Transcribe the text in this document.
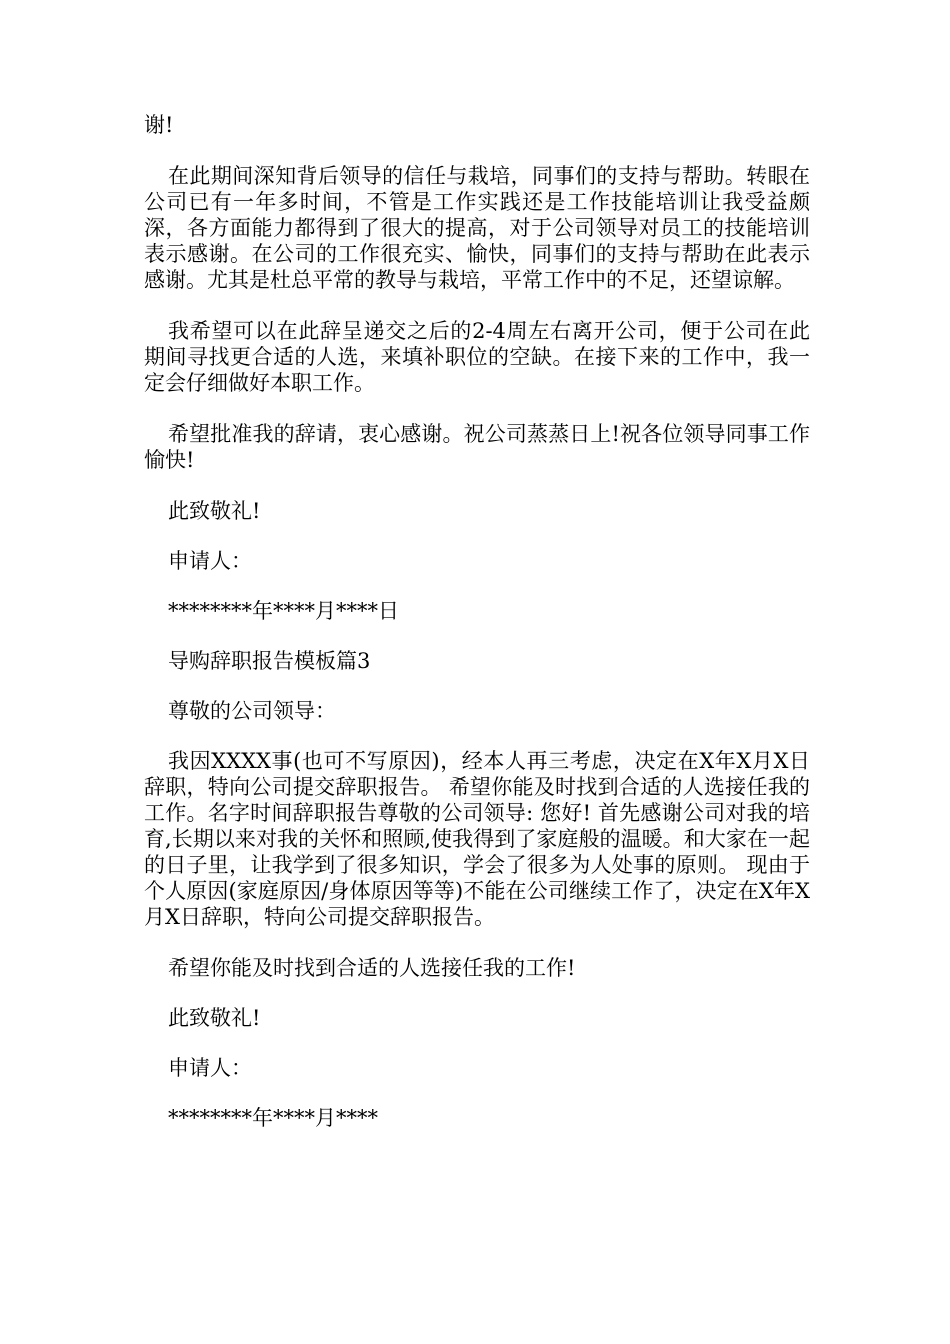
谢!

在此期间深知背后领导的信任与栽培，同事们的支持与帮助。转眼在公司已有一年多时间，不管是工作实践还是工作技能培训让我受益颇深，各方面能力都得到了很大的提高，对于公司领导对员工的技能培训表示感谢。在公司的工作很充实、愉快，同事们的支持与帮助在此表示感谢。尤其是杜总平常的教导与栽培，平常工作中的不足，还望谅解。

我希望可以在此辞呈递交之后的2-4周左右离开公司，便于公司在此期间寻找更合适的人选，来填补职位的空缺。在接下来的工作中，我一定会仔细做好本职工作。

希望批准我的辞请，衷心感谢。祝公司蒸蒸日上!祝各位领导同事工作愉快!

此致敬礼!

申请人：

********年****月****日

导购辞职报告模板篇3

尊敬的公司领导：

我因XXXX事(也可不写原因)，经本人再三考虑，决定在X年X月X日辞职，特向公司提交辞职报告。 希望你能及时找到合适的人选接任我的工作。名字时间辞职报告尊敬的公司领导: 您好! 首先感谢公司对我的培育,长期以来对我的关怀和照顾,使我得到了家庭般的温暖。和大家在一起的日子里，让我学到了很多知识，学会了很多为人处事的原则。 现由于个人原因(家庭原因/身体原因等等)不能在公司继续工作了，决定在X年X月X日辞职，特向公司提交辞职报告。

希望你能及时找到合适的人选接任我的工作!

此致敬礼!

申请人：

********年****月****
